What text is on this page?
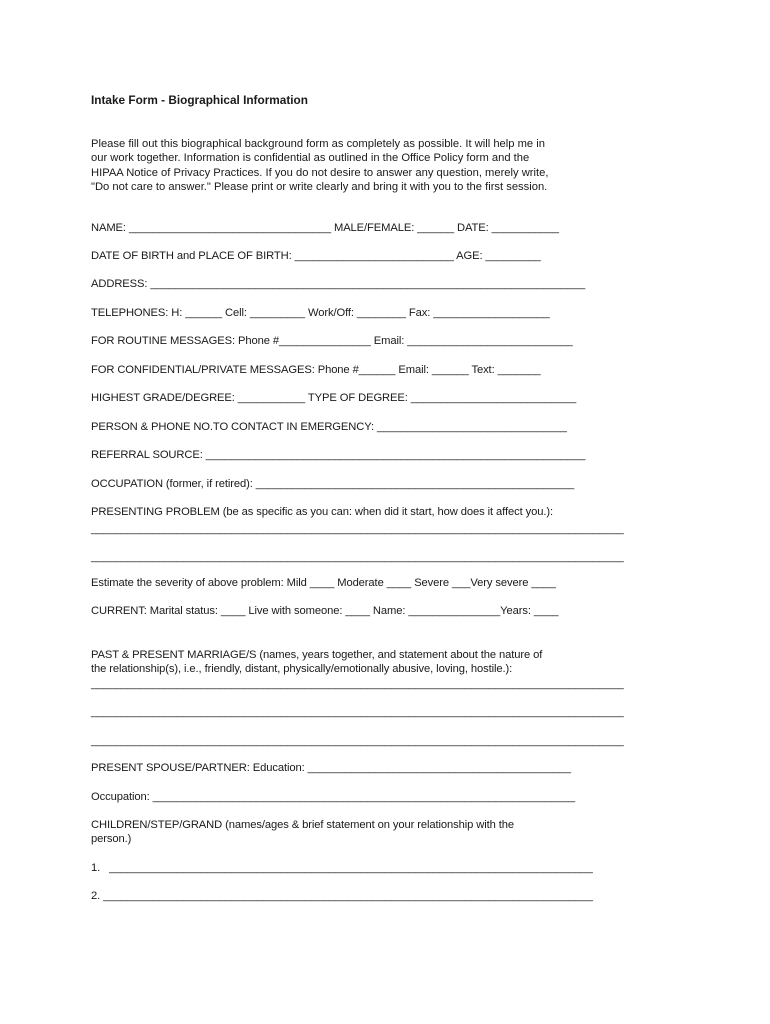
Intake Form - Biographical Information
Please fill out this biographical background form as completely as possible. It will help me in
our work together. Information is confidential as outlined in the Office Policy form and the
HIPAA Notice of Privacy Practices. If you do not desire to answer any question, merely write,
"Do not care to answer." Please print or write clearly and bring it with you to the first session.
NAME: _________________________________ MALE/FEMALE: ______ DATE: ___________
DATE OF BIRTH and PLACE OF BIRTH: __________________________ AGE: _________
ADDRESS: _______________________________________________________________________
TELEPHONES: H: ______ Cell: _________ Work/Off: ________ Fax: ___________________
FOR ROUTINE MESSAGES: Phone #_______________ Email: ___________________________
FOR CONFIDENTIAL/PRIVATE MESSAGES: Phone #______ Email: ______ Text: _______
HIGHEST GRADE/DEGREE: ___________ TYPE OF DEGREE: ___________________________
PERSON & PHONE NO.TO CONTACT IN EMERGENCY: _______________________________
REFERRAL SOURCE: ______________________________________________________________
OCCUPATION (former, if retired): ____________________________________________________
PRESENTING PROBLEM (be as specific as you can: when did it start, how does it affect you.):
_______________________________________________________________________________________
_______________________________________________________________________________________
Estimate the severity of above problem: Mild ____ Moderate ____ Severe ___Very severe ____
CURRENT: Marital status: ____ Live with someone: ____ Name: _______________Years: ____
PAST & PRESENT MARRIAGE/S (names, years together, and statement about the nature of
the relationship(s), i.e., friendly, distant, physically/emotionally abusive, loving, hostile.):
_______________________________________________________________________________________
_______________________________________________________________________________________
_______________________________________________________________________________________
PRESENT SPOUSE/PARTNER: Education: ___________________________________________
Occupation: _____________________________________________________________________
CHILDREN/STEP/GRAND (names/ages & brief statement on your relationship with the
person.)
1.   _______________________________________________________________________________
2. ________________________________________________________________________________
